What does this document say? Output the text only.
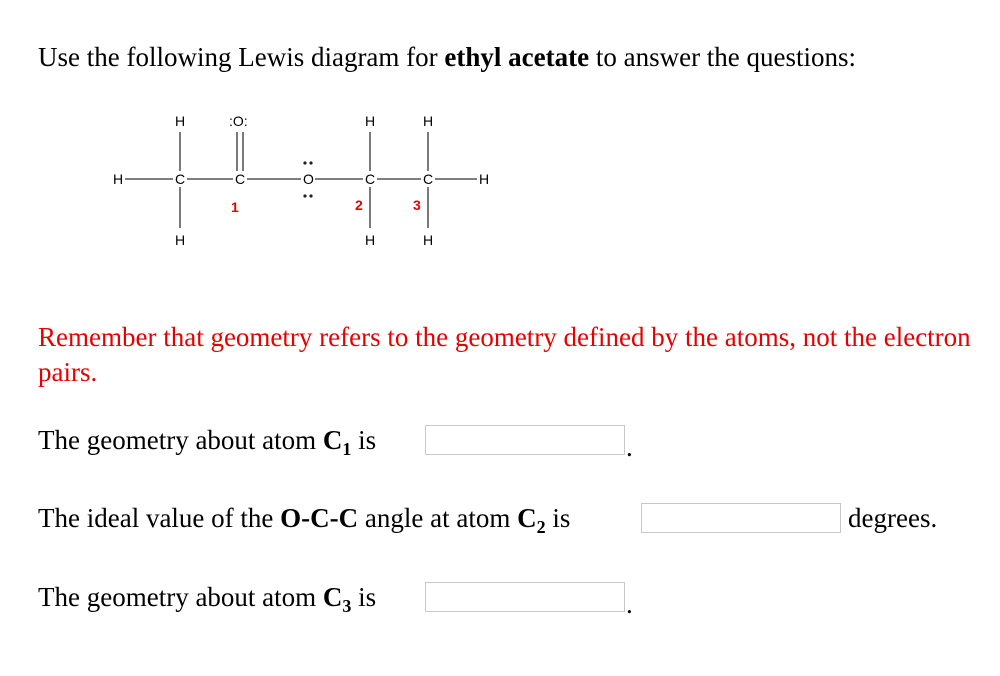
Use the following Lewis diagram for ethyl acetate to answer the questions:
H	C	C	O	C	C	H
:O:
H
H
H
H
H
H
1	2	3
Remember that geometry refers to the geometry defined by the atoms, not the electron pairs.
The geometry about atom $C_1$ is	.
The ideal value of the O-C-C angle at atom $C_2$ is	degrees.
The geometry about atom $C_3$ is	.
